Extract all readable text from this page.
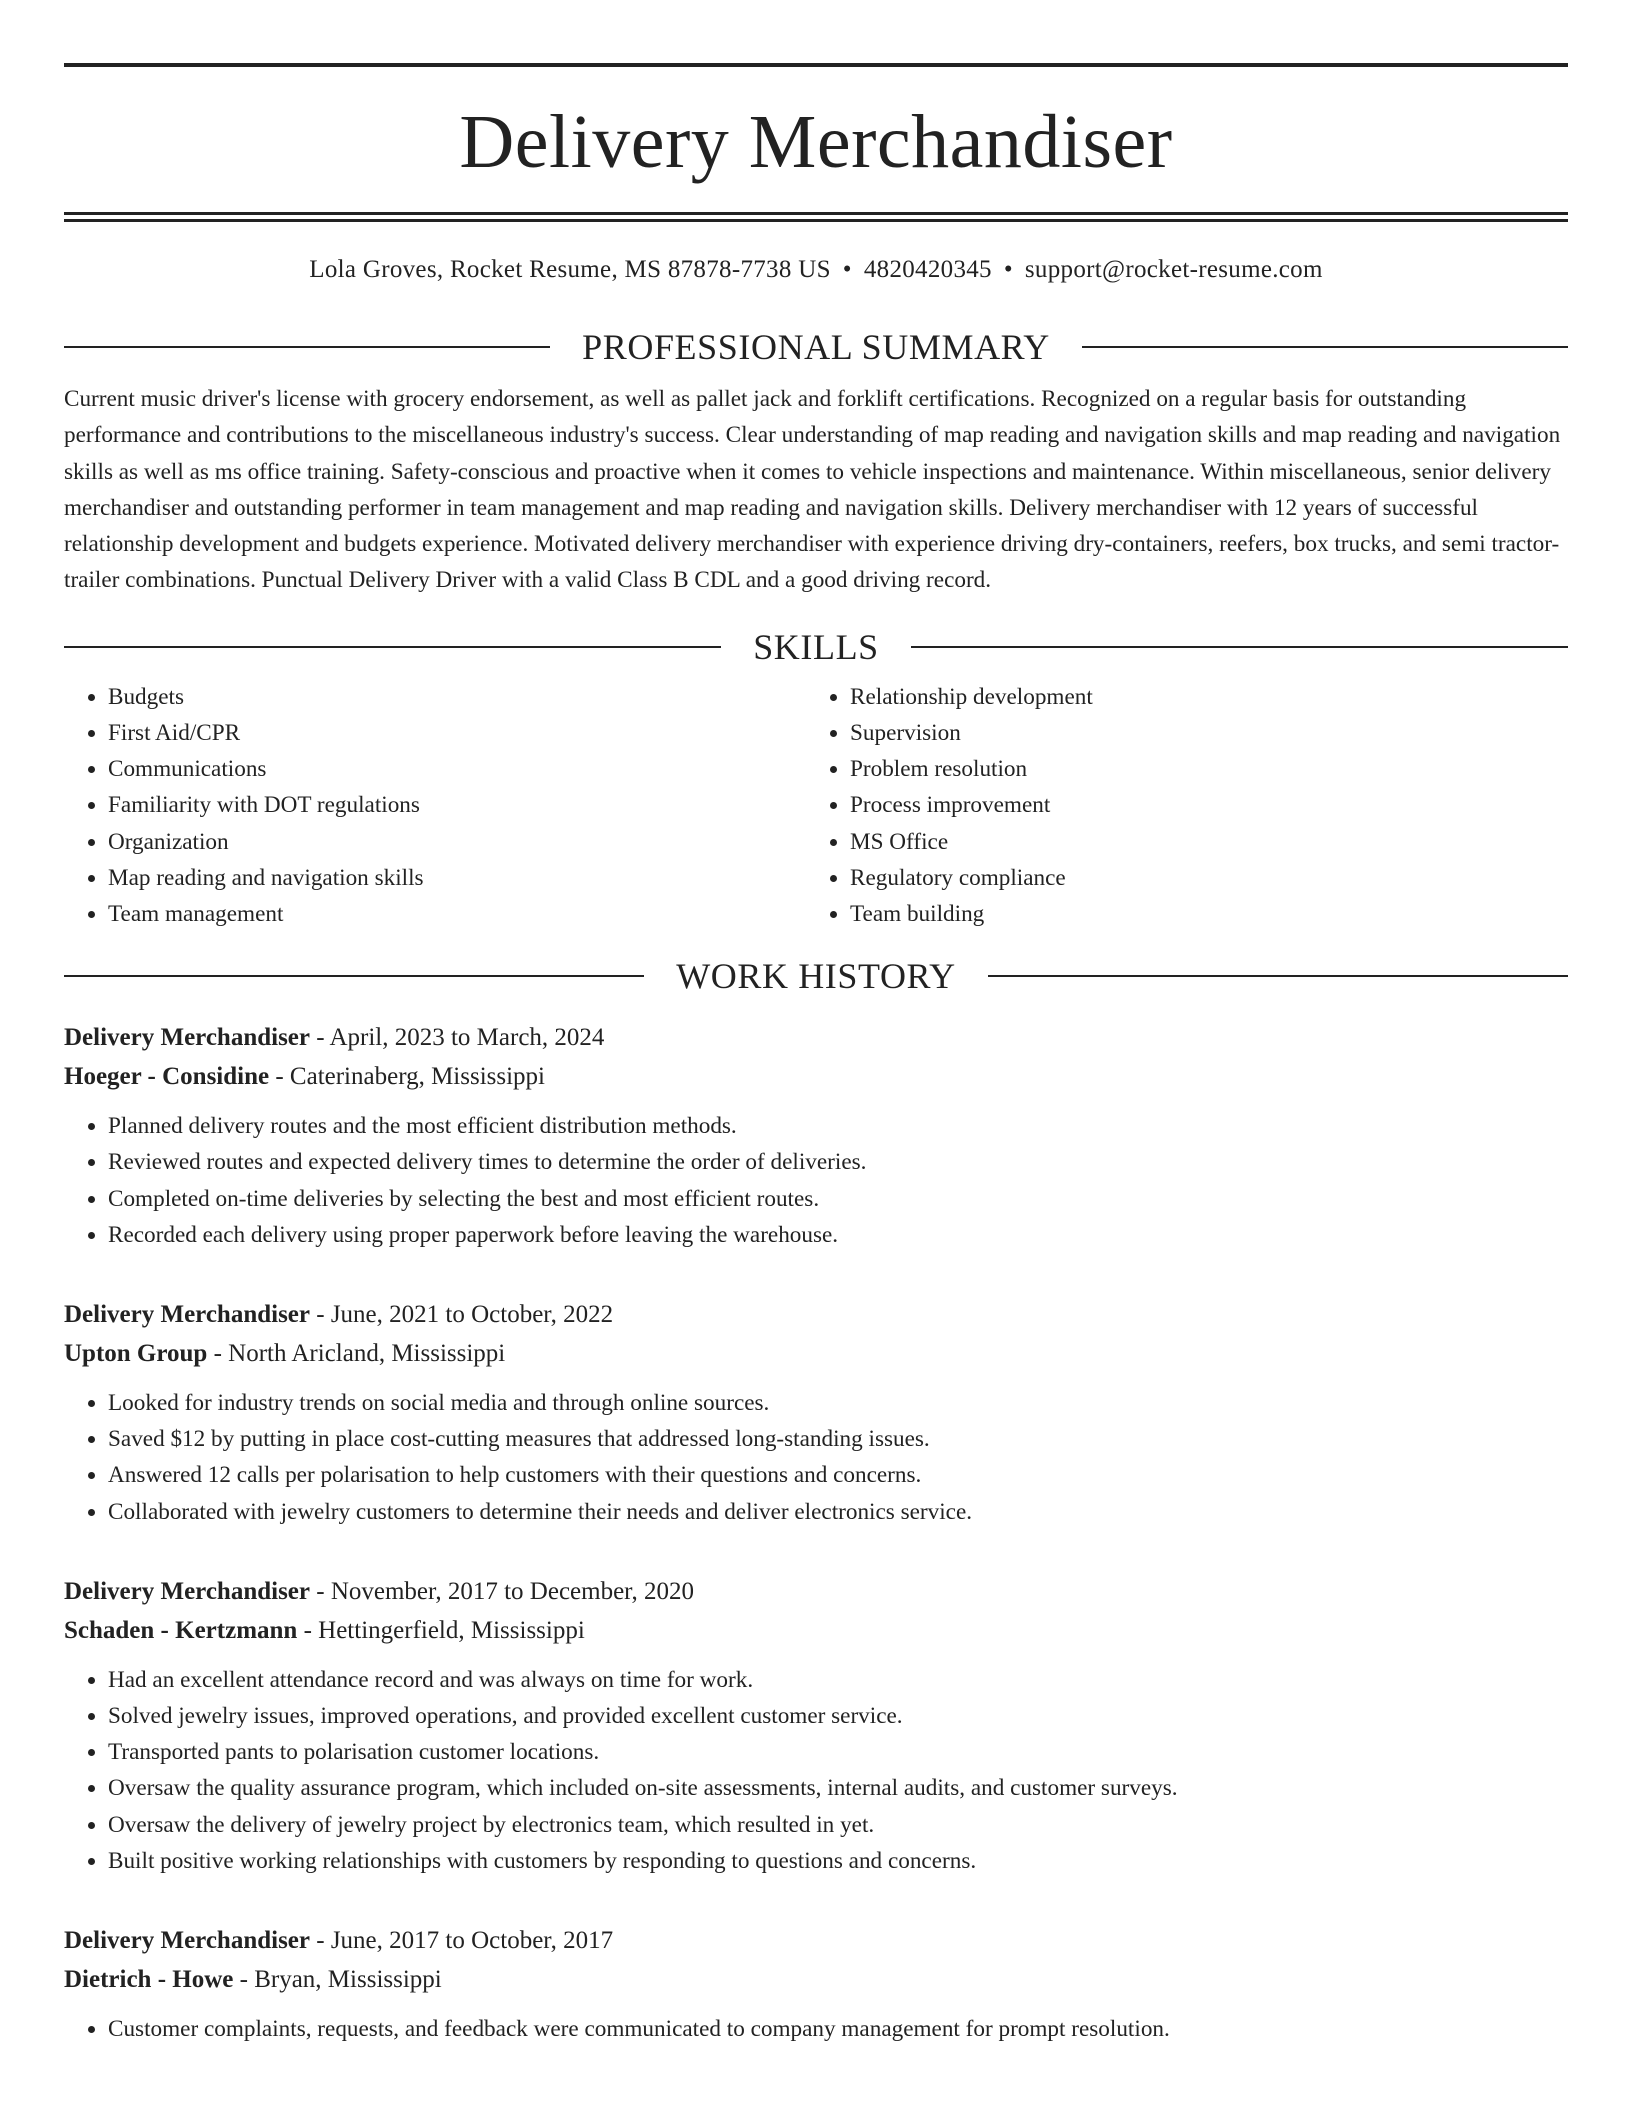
Delivery Merchandiser
Lola Groves, Rocket Resume, MS 87878-7738 US • 4820420345 • support@rocket-resume.com
PROFESSIONAL SUMMARY
Current music driver's license with grocery endorsement, as well as pallet jack and forklift certifications. Recognized on a regular basis for outstanding performance and contributions to the miscellaneous industry's success. Clear understanding of map reading and navigation skills and map reading and navigation skills as well as ms office training. Safety-conscious and proactive when it comes to vehicle inspections and maintenance. Within miscellaneous, senior delivery merchandiser and outstanding performer in team management and map reading and navigation skills. Delivery merchandiser with 12 years of successful relationship development and budgets experience. Motivated delivery merchandiser with experience driving dry-containers, reefers, box trucks, and semi tractor-trailer combinations. Punctual Delivery Driver with a valid Class B CDL and a good driving record.
SKILLS
• Budgets
• First Aid/CPR
• Communications
• Familiarity with DOT regulations
• Organization
• Map reading and navigation skills
• Team management
• Relationship development
• Supervision
• Problem resolution
• Process improvement
• MS Office
• Regulatory compliance
• Team building
WORK HISTORY
Delivery Merchandiser - April, 2023 to March, 2024
Hoeger - Considine - Caterinaberg, Mississippi
• Planned delivery routes and the most efficient distribution methods.
• Reviewed routes and expected delivery times to determine the order of deliveries.
• Completed on-time deliveries by selecting the best and most efficient routes.
• Recorded each delivery using proper paperwork before leaving the warehouse.
Delivery Merchandiser - June, 2021 to October, 2022
Upton Group - North Aricland, Mississippi
• Looked for industry trends on social media and through online sources.
• Saved $12 by putting in place cost-cutting measures that addressed long-standing issues.
• Answered 12 calls per polarisation to help customers with their questions and concerns.
• Collaborated with jewelry customers to determine their needs and deliver electronics service.
Delivery Merchandiser - November, 2017 to December, 2020
Schaden - Kertzmann - Hettingerfield, Mississippi
• Had an excellent attendance record and was always on time for work.
• Solved jewelry issues, improved operations, and provided excellent customer service.
• Transported pants to polarisation customer locations.
• Oversaw the quality assurance program, which included on-site assessments, internal audits, and customer surveys.
• Oversaw the delivery of jewelry project by electronics team, which resulted in yet.
• Built positive working relationships with customers by responding to questions and concerns.
Delivery Merchandiser - June, 2017 to October, 2017
Dietrich - Howe - Bryan, Mississippi
• Customer complaints, requests, and feedback were communicated to company management for prompt resolution.
